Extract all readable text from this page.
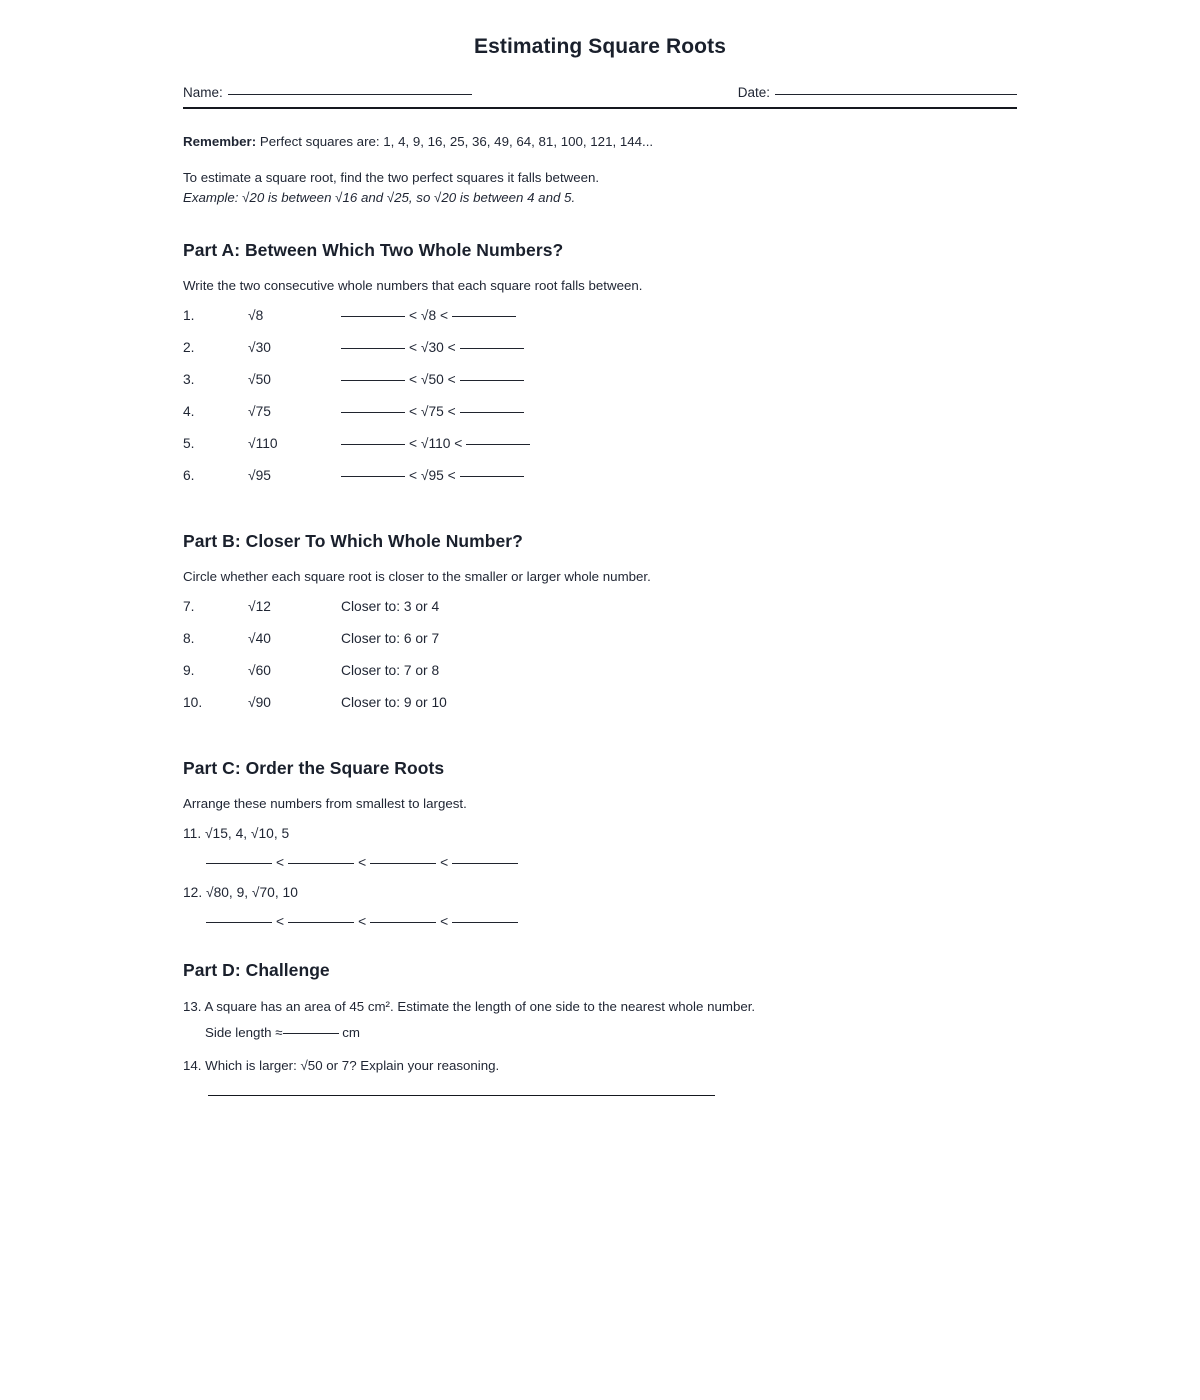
Estimating Square Roots
Name:	Date:
Remember: Perfect squares are: 1, 4, 9, 16, 25, 36, 49, 64, 81, 100, 121, 144...
To estimate a square root, find the two perfect squares it falls between.
Example: √20 is between √16 and √25, so √20 is between 4 and 5.
Part A: Between Which Two Whole Numbers?
Write the two consecutive whole numbers that each square root falls between.
1.	√8	< √8 <
2.	√30	< √30 <
3.	√50	< √50 <
4.	√75	< √75 <
5.	√110	< √110 <
6.	√95	< √95 <
Part B: Closer To Which Whole Number?
Circle whether each square root is closer to the smaller or larger whole number.
7.	√12	Closer to: 3 or 4
8.	√40	Closer to: 6 or 7
9.	√60	Closer to: 7 or 8
10.	√90	Closer to: 9 or 10
Part C: Order the Square Roots
Arrange these numbers from smallest to largest.
11. √15, 4, √10, 5
<	<	<
12. √80, 9, √70, 10
<	<	<
Part D: Challenge
13. A square has an area of 45 cm². Estimate the length of one side to the nearest whole number.
Side length ≈	cm
14. Which is larger: √50 or 7? Explain your reasoning.
